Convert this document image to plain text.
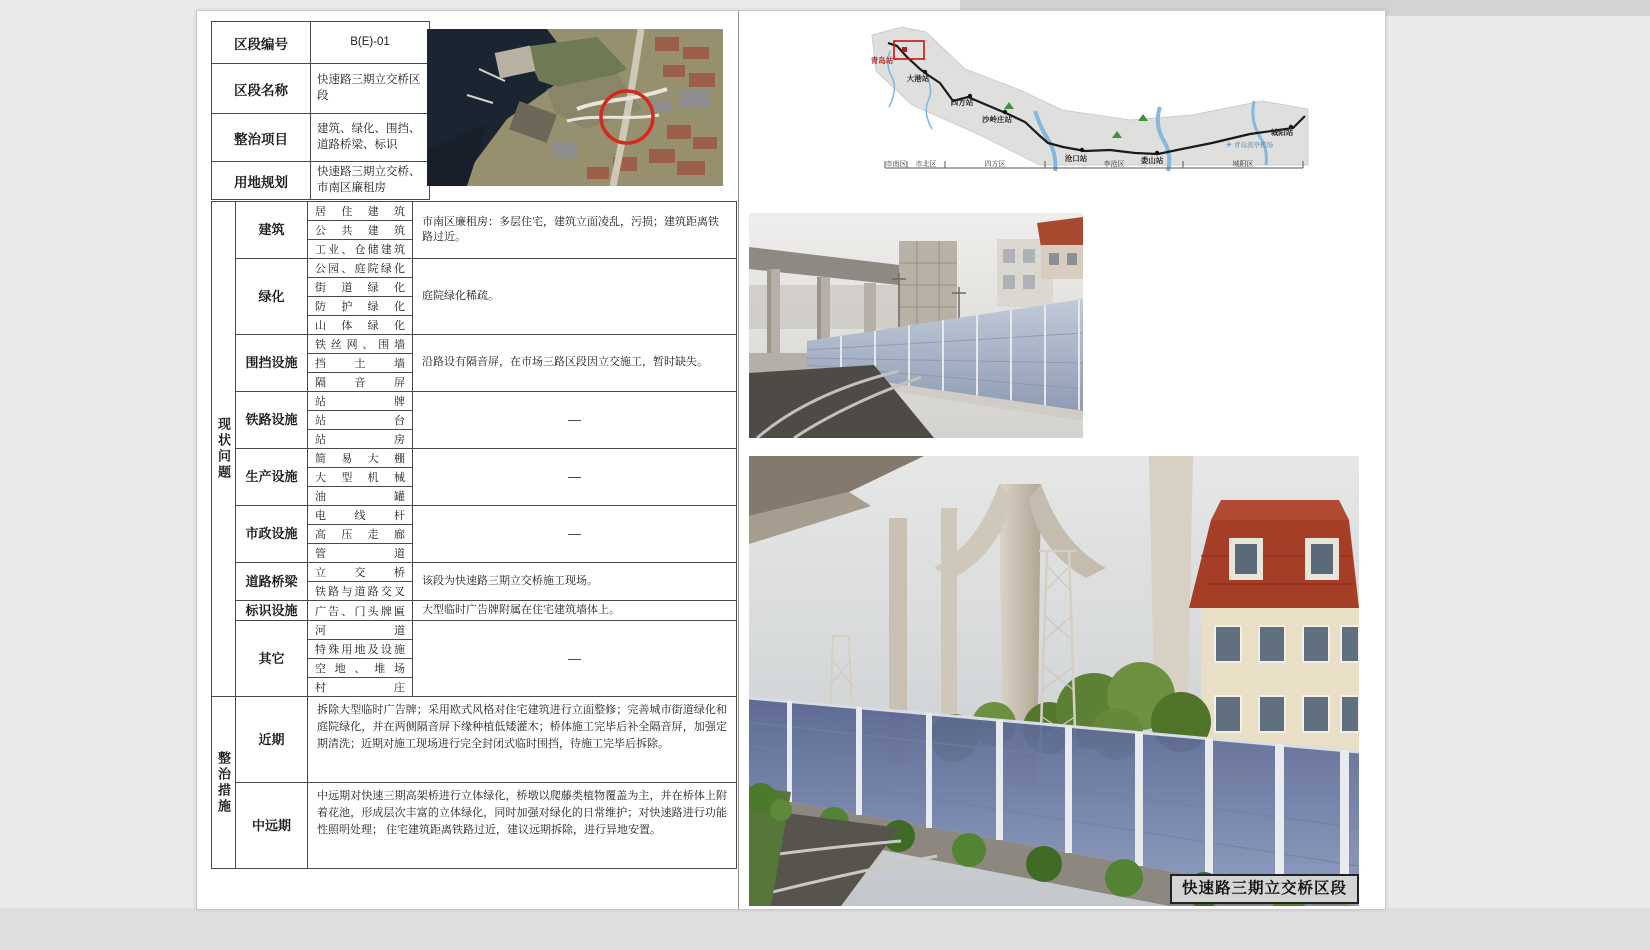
区段编号	B(E)-01
区段名称	快速路三期立交桥区段
整治项目	建筑、绿化、围挡、道路桥梁、标识
用地规划	快速路三期立交桥、市南区廉租房
青岛站
大港站
四方站
沙岭庄站
沧口站	娄山站
城阳站
✈ 青岛流亭机场
市南区 市北区	四方区	李沧区	城阳区
现状问题	建筑	居住建筑	市南区廉租房：多层住宅，建筑立面凌乱，污损；建筑距离铁路过近。

		公共建筑	

		工业、仓储建筑	

	绿化	公园、庭院绿化	庭院绿化稀疏。

		街道绿化	

		防护绿化	

		山体绿化	

	围挡设施	铁丝网、围墙	沿路设有隔音屏，在市场三路区段因立交施工，暂时缺失。

		挡土墙	

		隔音屏	

	铁路设施	站牌	—

		站台	

		站房	

	生产设施	简易大棚	—

		大型机械	

		油罐	

	市政设施	电线杆	—

		高压走廊	

		管道	

	道路桥梁	立交桥	该段为快速路三期立交桥施工现场。

		铁路与道路交叉	

	标识设施	广告、门头牌匾	大型临时广告牌附属在住宅建筑墙体上。
	其它	河道	—

		特殊用地及设施	

		空地、堆场	

		村庄	

整治措施	近期	拆除大型临时广告牌；采用欧式风格对住宅建筑进行立面整修；完善城市街道绿化和庭院绿化，并在两侧隔音屏下缘种植低矮灌木；桥体施工完毕后补全隔音屏，加强定期清洗；近期对施工现场进行完全封闭式临时围挡，待施工完毕后拆除。	
	中远期	中远期对快速三期高架桥进行立体绿化，桥墩以爬藤类植物覆盖为主，并在桥体上附着花池，形成层次丰富的立体绿化，同时加强对绿化的日常维护；对快速路进行功能性照明处理； 住宅建筑距离铁路过近，建议远期拆除，进行异地安置。	
快速路三期立交桥区段
